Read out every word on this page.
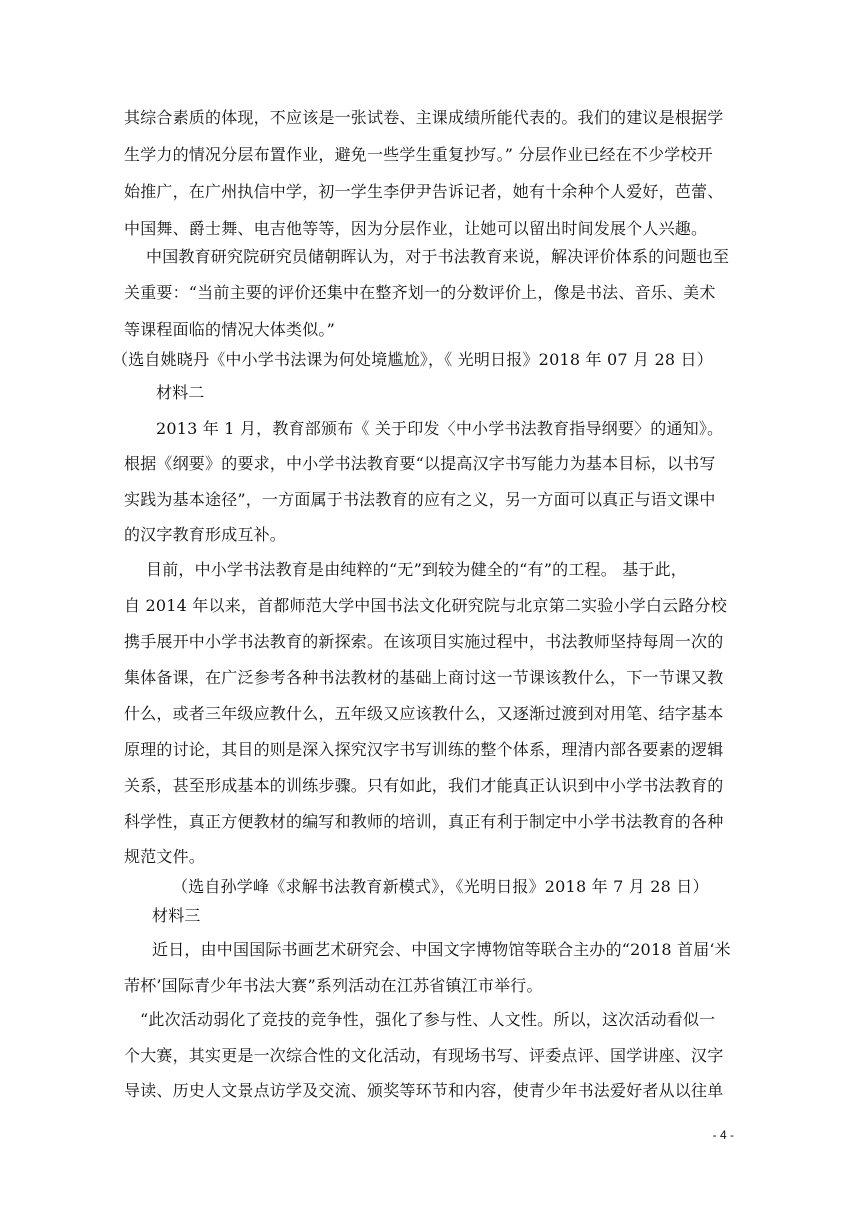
其综合素质的体现，不应该是一张试卷、主课成绩所能代表的。我们的建议是根据学
生学力的情况分层布置作业，避免一些学生重复抄写。” 分层作业已经在不少学校开
始推广，在广州执信中学，初一学生李伊尹告诉记者，她有十余种个人爱好，芭蕾、
中国舞、爵士舞、电吉他等等，因为分层作业，让她可以留出时间发展个人兴趣。
中国教育研究院研究员储朝晖认为，对于书法教育来说，解决评价体系的问题也至
关重要：“当前主要的评价还集中在整齐划一的分数评价上，像是书法、音乐、美术
等课程面临的情况大体类似。”
（选自姚晓丹《中小学书法课为何处境尴尬》，《 光明日报》2018 年 07 月 28 日）
材料二
2013 年 1 月，教育部颁布《 关于印发〈中小学书法教育指导纲要〉的通知》。
根据《纲要》的要求，中小学书法教育要“以提高汉字书写能力为基本目标，以书写
实践为基本途径”，一方面属于书法教育的应有之义，另一方面可以真正与语文课中
的汉字教育形成互补。
目前，中小学书法教育是由纯粹的“无”到较为健全的“有”的工程。 基于此，
自 2014 年以来，首都师范大学中国书法文化研究院与北京第二实验小学白云路分校
携手展开中小学书法教育的新探索。在该项目实施过程中，书法教师坚持每周一次的
集体备课，在广泛参考各种书法教材的基础上商讨这一节课该教什么，下一节课又教
什么，或者三年级应教什么，五年级又应该教什么，又逐渐过渡到对用笔、结字基本
原理的讨论，其目的则是深入探究汉字书写训练的整个体系，理清内部各要素的逻辑
关系，甚至形成基本的训练步骤。只有如此，我们才能真正认识到中小学书法教育的
科学性，真正方便教材的编写和教师的培训，真正有利于制定中小学书法教育的各种
规范文件。
（选自孙学峰《求解书法教育新模式》，《光明日报》2018 年 7 月 28 日）
材料三
近日，由中国国际书画艺术研究会、中国文字博物馆等联合主办的“2018 首届‘米
芾杯’国际青少年书法大赛”系列活动在江苏省镇江市举行。
“此次活动弱化了竞技的竞争性，强化了参与性、人文性。所以，这次活动看似一
个大赛，其实更是一次综合性的文化活动，有现场书写、评委点评、国学讲座、汉字
导读、历史人文景点访学及交流、颁奖等环节和内容，使青少年书法爱好者从以往单
- 4 -
